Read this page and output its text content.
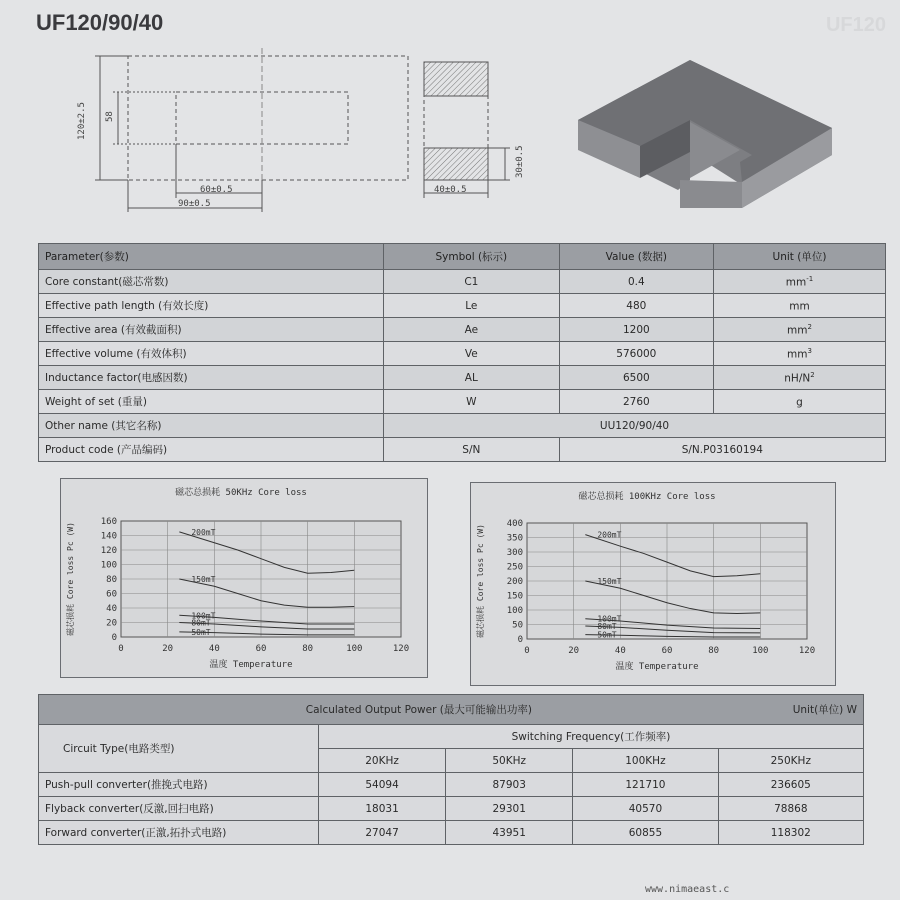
UF120/90/40	UF120
120±2.5 58
60±0.5
90±0.5
40±0.5
30±0.5
Parameter(参数)	Symbol (标示)	Value (数据)	Unit (单位)
Core constant(磁芯常数)	C1	0.4	$mm^{-1}$
Effective path length (有效长度)	Le	480	mm
Effective area (有效截面积)	Ae	1200	$mm^2$
Effective volume (有效体积)	Ve	576000	$mm^3$
Inductance factor(电感因数)	AL	6500	$nH/N^2$
Weight of set (重量)	W	2760	g
Other name (其它名称)	UU120/90/40		
Product code (产品编码)	S/N	S/N.P03160194	
磁芯总损耗 50KHz Core loss
0	20	40	60	80	100	120
0
20
40
60
80
100
120
140
160
磁芯损耗 Core loss Pc (W)
温度 Temperature
200mT
150mT
100mT
80mT
50mT
磁芯总损耗 100KHz Core loss
0	20	40	60	80	100	120
0
50
100
150
200
250
300
350
400
磁芯损耗 Core loss Pc (W)
温度 Temperature
200mT
150mT
100mT
80mT
50mT
Calculated Output Power (最大可能输出功率) Unit(单位) W				

Circuit Type(电路类型)	Switching Frequency(工作频率)			
	20KHz	50KHz	100KHz	250KHz
Push-pull converter(推挽式电路)	54094	87903	121710	236605
Flyback converter(反激,回扫电路)	18031	29301	40570	78868
Forward converter(正激,拓扑式电路)	27047	43951	60855	118302
www.nimaeast.c
